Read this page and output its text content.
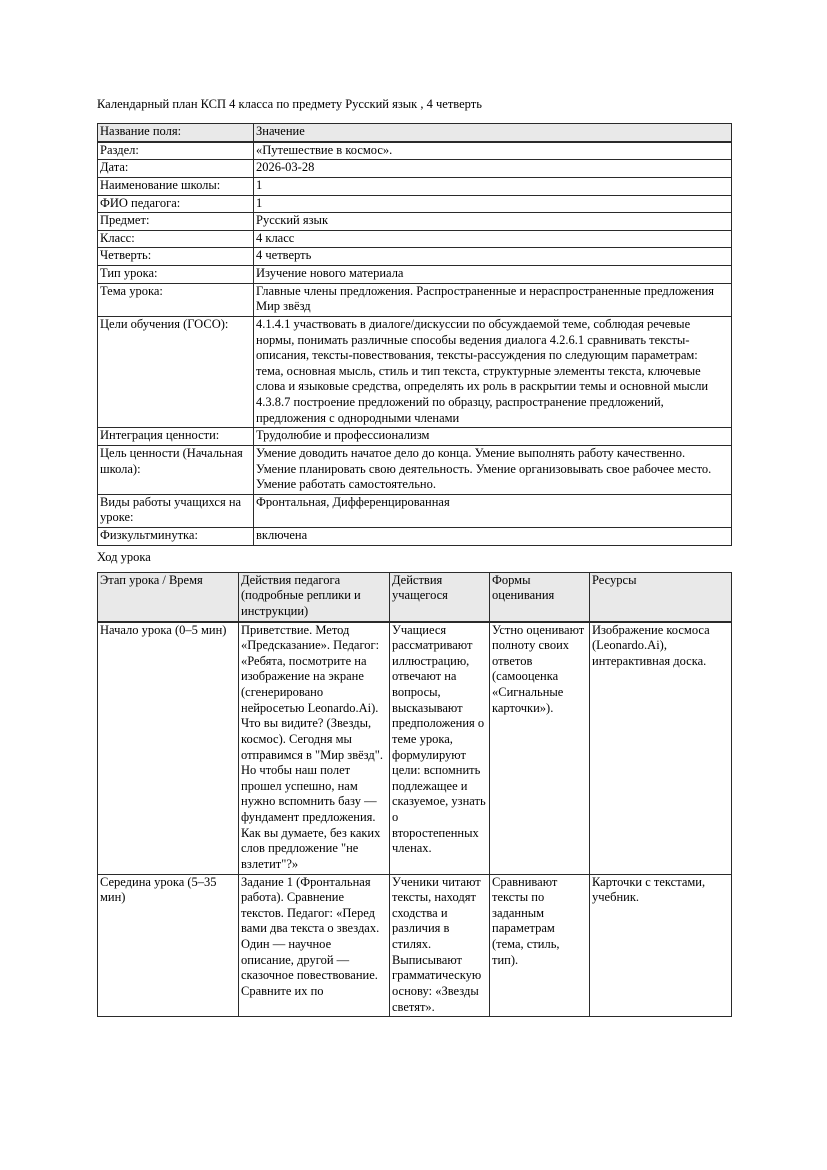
Календарный план КСП 4 класса по предмету Русский язык , 4 четверть
Название поля:	Значение
Раздел:	«Путешествие в космос».
Дата:	2026-03-28
Наименование школы:	1
ФИО педагога:	1
Предмет:	Русский язык
Класс:	4 класс
Четверть:	4 четверть
Тип урока:	Изучение нового материала
Тема урока:	Главные члены предложения. Распространенные и нераспространенные предложения Мир звёзд
Цели обучения (ГОСО):	4.1.4.1 участвовать в диалоге/дискуссии по обсуждаемой теме, соблюдая речевые нормы, понимать различные способы ведения диалога 4.2.6.1 сравнивать тексты-описания, тексты-повествования, тексты-рассуждения по следующим параметрам: тема, основная мысль, стиль и тип текста, структурные элементы текста, ключевые слова и языковые средства, определять их роль в раскрытии темы и основной мысли 4.3.8.7 построение предложений по образцу, распространение предложений, предложения с однородными членами
Интеграция ценности:	Трудолюбие и профессионализм
Цель ценности (Начальная школа):	Умение доводить начатое дело до конца. Умение выполнять работу качественно. Умение планировать свою деятельность. Умение организовывать свое рабочее место. Умение работать самостоятельно.
Виды работы учащихся на уроке:	Фронтальная, Дифференцированная
Физкультминутка:	включена

Ход урока

Этап урока / Время	Действия педагога (подробные реплики и инструкции)	Действия учащегося	Формы оценивания	Ресурсы
Начало урока (0–5 мин)	Приветствие. Метод «Предсказание». Педагог: «Ребята, посмотрите на изображение на экране (сгенерировано нейросетью Leonardo.Ai). Что вы видите? (Звезды, космос). Сегодня мы отправимся в "Мир звёзд". Но чтобы наш полет прошел успешно, нам нужно вспомнить базу — фундамент предложения. Как вы думаете, без каких слов предложение "не взлетит"?»	Учащиеся рассматривают иллюстрацию, отвечают на вопросы, высказывают предположения о теме урока, формулируют цели: вспомнить подлежащее и сказуемое, узнать о второстепенных членах.	Устно оценивают полноту своих ответов (самооценка «Сигнальные карточки»).	Изображение космоса (Leonardo.Ai), интерактивная доска.
Середина урока (5–35 мин)	Задание 1 (Фронтальная работа). Сравнение текстов. Педагог: «Перед вами два текста о звездах. Один — научное описание, другой — сказочное повествование. Сравните их по	Ученики читают тексты, находят сходства и различия в стилях. Выписывают грамматическую основу: «Звезды светят».	Сравнивают тексты по заданным параметрам (тема, стиль, тип).	Карточки с текстами, учебник.
